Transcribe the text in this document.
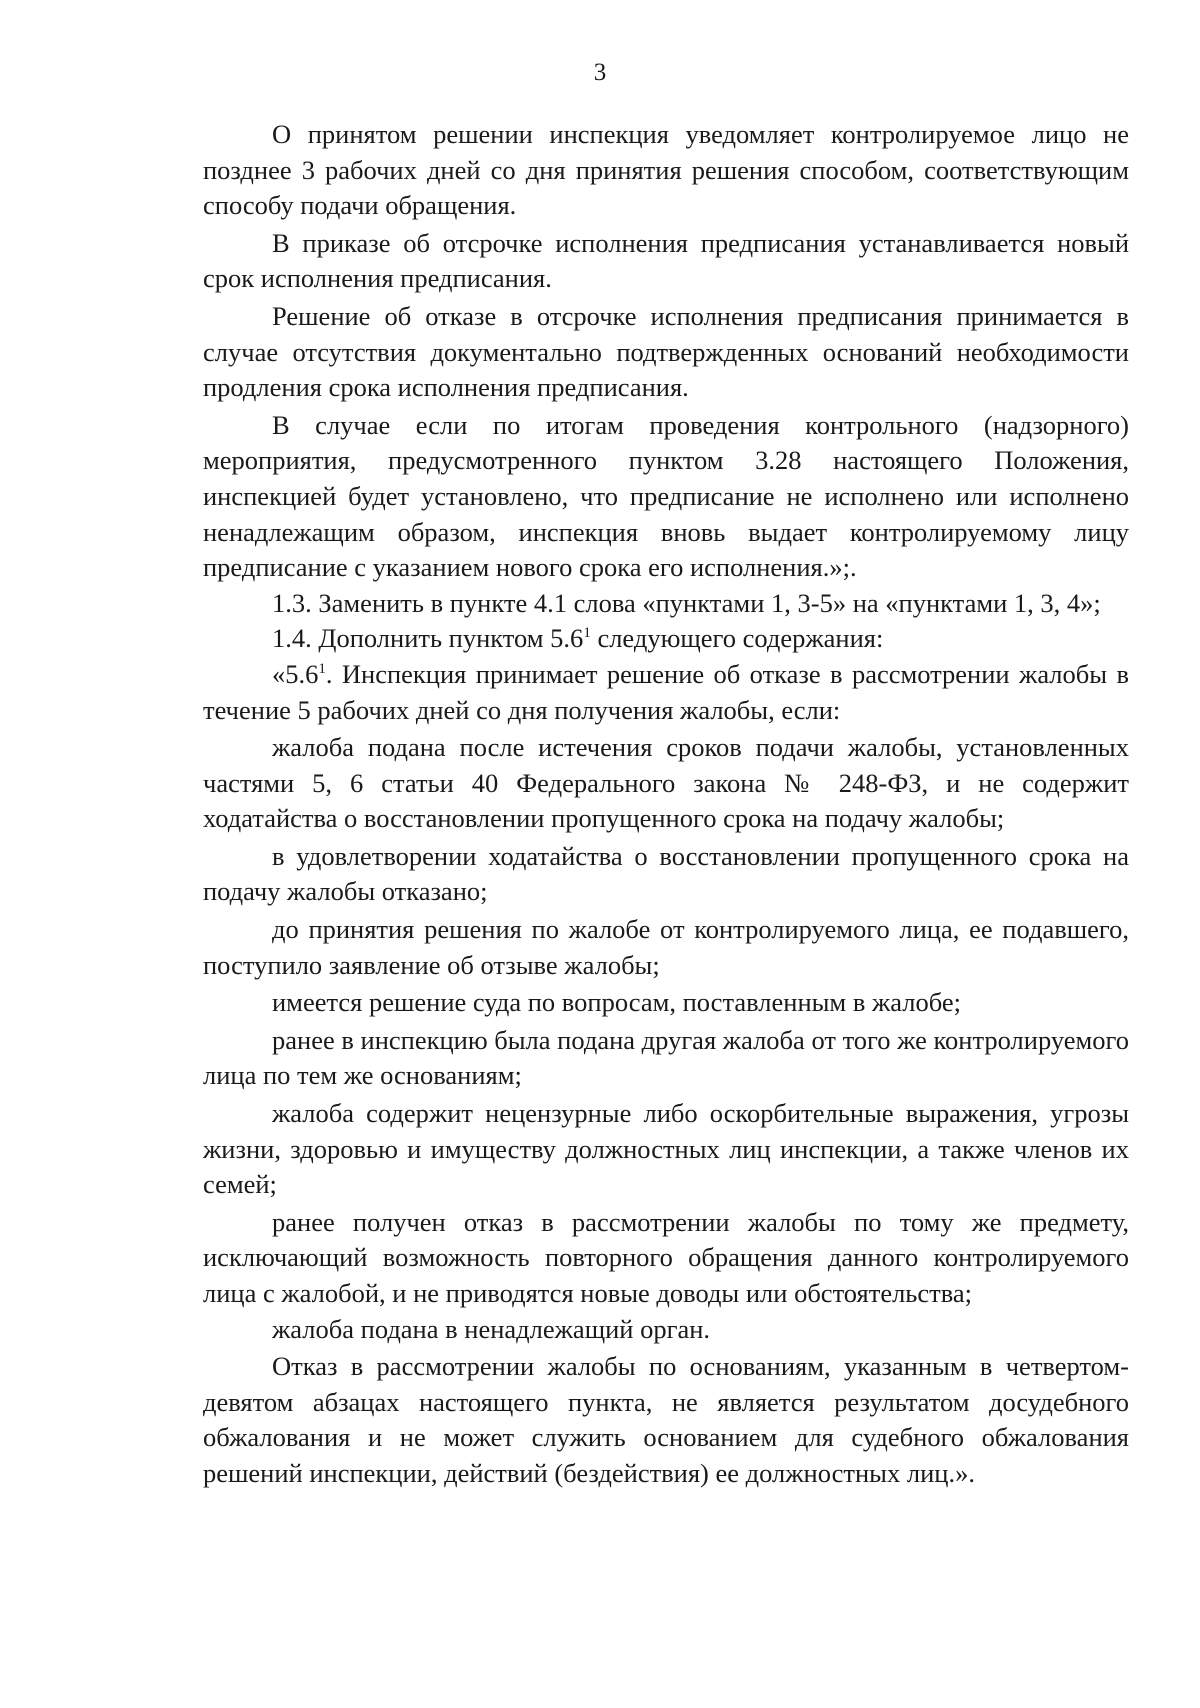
3

О принятом решении инспекция уведомляет контролируемое лицо не позднее 3 рабочих дней со дня принятия решения способом, соответствующим способу подачи обращения.

В приказе об отсрочке исполнения предписания устанавливается новый срок исполнения предписания.

Решение об отказе в отсрочке исполнения предписания принимается в случае отсутствия документально подтвержденных оснований необходимости продления срока исполнения предписания.

В случае если по итогам проведения контрольного (надзорного) мероприятия, предусмотренного пунктом 3.28 настоящего Положения, инспекцией будет установлено, что предписание не исполнено или исполнено ненадлежащим образом, инспекция вновь выдает контролируемому лицу предписание с указанием нового срока его исполнения.»;.

1.3. Заменить в пункте 4.1 слова «пунктами 1, 3-5» на «пунктами 1, 3, 4»;

1.4. Дополнить пунктом $5.6^1$ следующего содержания:

«$5.6^1$. Инспекция принимает решение об отказе в рассмотрении жалобы в течение 5 рабочих дней со дня получения жалобы, если:

жалоба подана после истечения сроков подачи жалобы, установленных частями 5, 6 статьи 40 Федерального закона № 248-ФЗ, и не содержит ходатайства о восстановлении пропущенного срока на подачу жалобы;

в удовлетворении ходатайства о восстановлении пропущенного срока на подачу жалобы отказано;

до принятия решения по жалобе от контролируемого лица, ее подавшего, поступило заявление об отзыве жалобы;

имеется решение суда по вопросам, поставленным в жалобе;

ранее в инспекцию была подана другая жалоба от того же контролируемого лица по тем же основаниям;

жалоба содержит нецензурные либо оскорбительные выражения, угрозы жизни, здоровью и имуществу должностных лиц инспекции, а также членов их семей;

ранее получен отказ в рассмотрении жалобы по тому же предмету, исключающий возможность повторного обращения данного контролируемого лица с жалобой, и не приводятся новые доводы или обстоятельства;

жалоба подана в ненадлежащий орган.

Отказ в рассмотрении жалобы по основаниям, указанным в четвертом-девятом абзацах настоящего пункта, не является результатом досудебного обжалования и не может служить основанием для судебного обжалования решений инспекции, действий (бездействия) ее должностных лиц.».
